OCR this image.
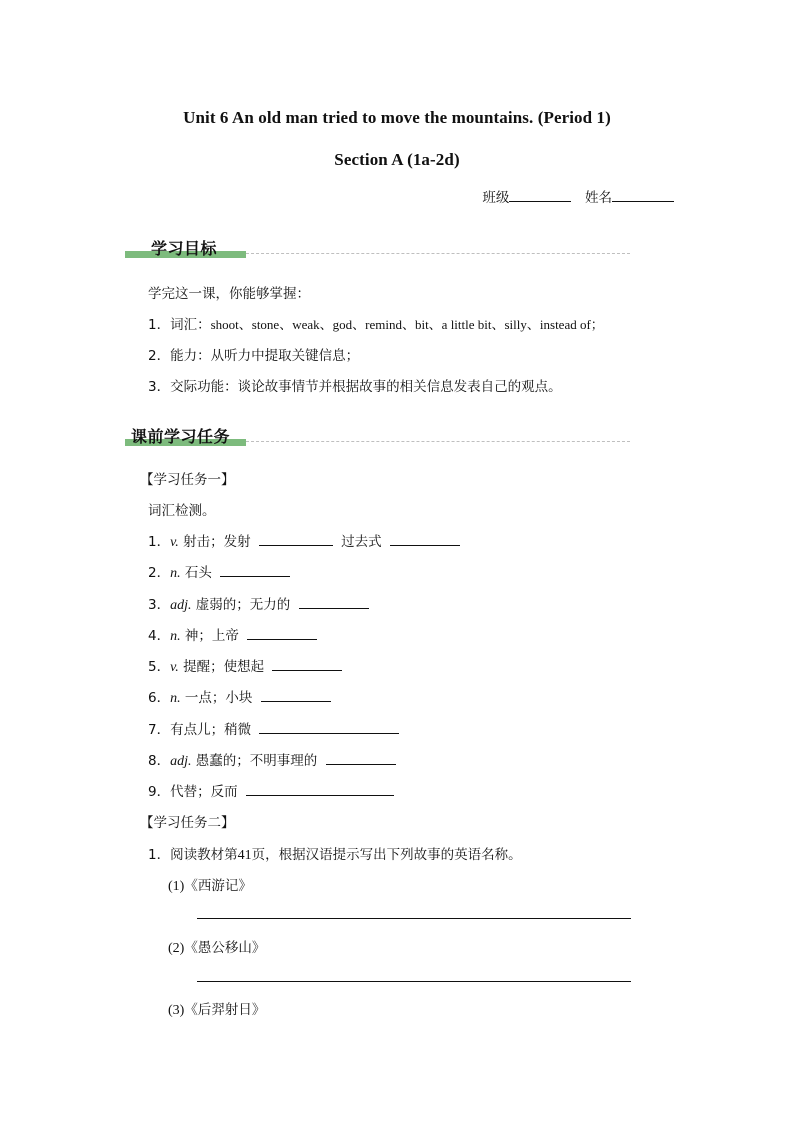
Unit 6 An old man tried to move the mountains. (Period 1)
Section A (1a-2d)
班级	姓名
学习目标
学完这一课，你能够掌握：
1．词汇：shoot、stone、weak、god、remind、bit、a little bit、silly、instead of；
2．能力：从听力中提取关键信息；
3．交际功能：谈论故事情节并根据故事的相关信息发表自己的观点。
课前学习任务
【学习任务一】
词汇检测。
1．v. 射击；发射	过去式
2．n. 石头
3．adj. 虚弱的；无力的
4．n. 神；上帝
5．v. 提醒；使想起
6．n. 一点；小块
7．有点儿；稍微
8．adj. 愚蠢的；不明事理的
9．代替；反而
【学习任务二】
1．阅读教材第41页，根据汉语提示写出下列故事的英语名称。
(1)《西游记》
(2)《愚公移山》
(3)《后羿射日》
